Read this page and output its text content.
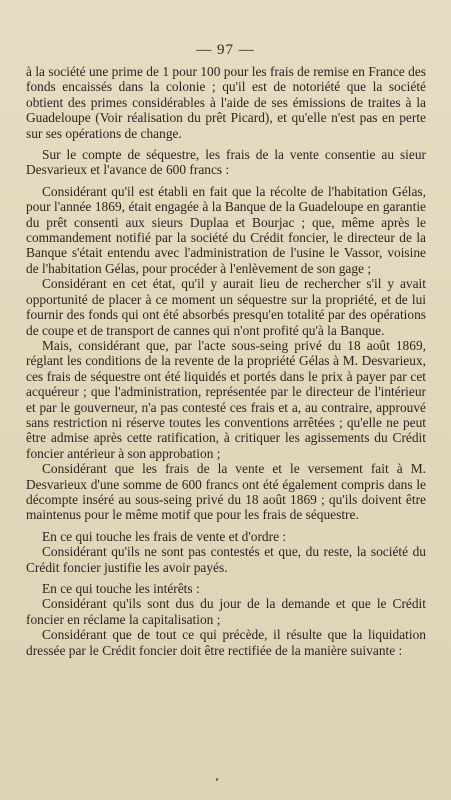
— 97 —

à la société une prime de 1 pour 100 pour les frais de remise en France des fonds encaissés dans la colonie ; qu'il est de notoriété que la société obtient des primes considérables à l'aide de ses émissions de traites à la Guadeloupe (Voir réalisation du prêt Picard), et qu'elle n'est pas en perte sur ses opérations de change.

Sur le compte de séquestre, les frais de la vente consentie au sieur Desvarieux et l'avance de 600 francs :

Considérant qu'il est établi en fait que la récolte de l'habitation Gélas, pour l'année 1869, était engagée à la Banque de la Guadeloupe en garantie du prêt consenti aux sieurs Duplaa et Bourjac ; que, même après le commandement notifié par la société du Crédit foncier, le directeur de la Banque s'était entendu avec l'administration de l'usine le Vassor, voisine de l'habitation Gélas, pour procéder à l'enlèvement de son gage ;

Considérant en cet état, qu'il y aurait lieu de rechercher s'il y avait opportunité de placer à ce moment un séquestre sur la propriété, et de lui fournir des fonds qui ont été absorbés presqu'en totalité par des opérations de coupe et de transport de cannes qui n'ont profité qu'à la Banque.

Mais, considérant que, par l'acte sous-seing privé du 18 août 1869, réglant les conditions de la revente de la propriété Gélas à M. Desvarieux, ces frais de séquestre ont été liquidés et portés dans le prix à payer par cet acquéreur ; que l'administration, représentée par le directeur de l'intérieur et par le gouverneur, n'a pas contesté ces frais et a, au contraire, approuvé sans restriction ni réserve toutes les conventions arrêtées ; qu'elle ne peut être admise après cette ratification, à critiquer les agissements du Crédit foncier antérieur à son approbation ;

Considérant que les frais de la vente et le versement fait à M. Desvarieux d'une somme de 600 francs ont été également compris dans le décompte inséré au sous-seing privé du 18 août 1869 ; qu'ils doivent être maintenus pour le même motif que pour les frais de séquestre.

En ce qui touche les frais de vente et d'ordre :

Considérant qu'ils ne sont pas contestés et que, du reste, la société du Crédit foncier justifie les avoir payés.

En ce qui touche les intérêts :

Considérant qu'ils sont dus du jour de la demande et que le Crédit foncier en réclame la capitalisation ;

Considérant que de tout ce qui précède, il résulte que la liquidation dressée par le Crédit foncier doit être rectifiée de la manière suivante :
